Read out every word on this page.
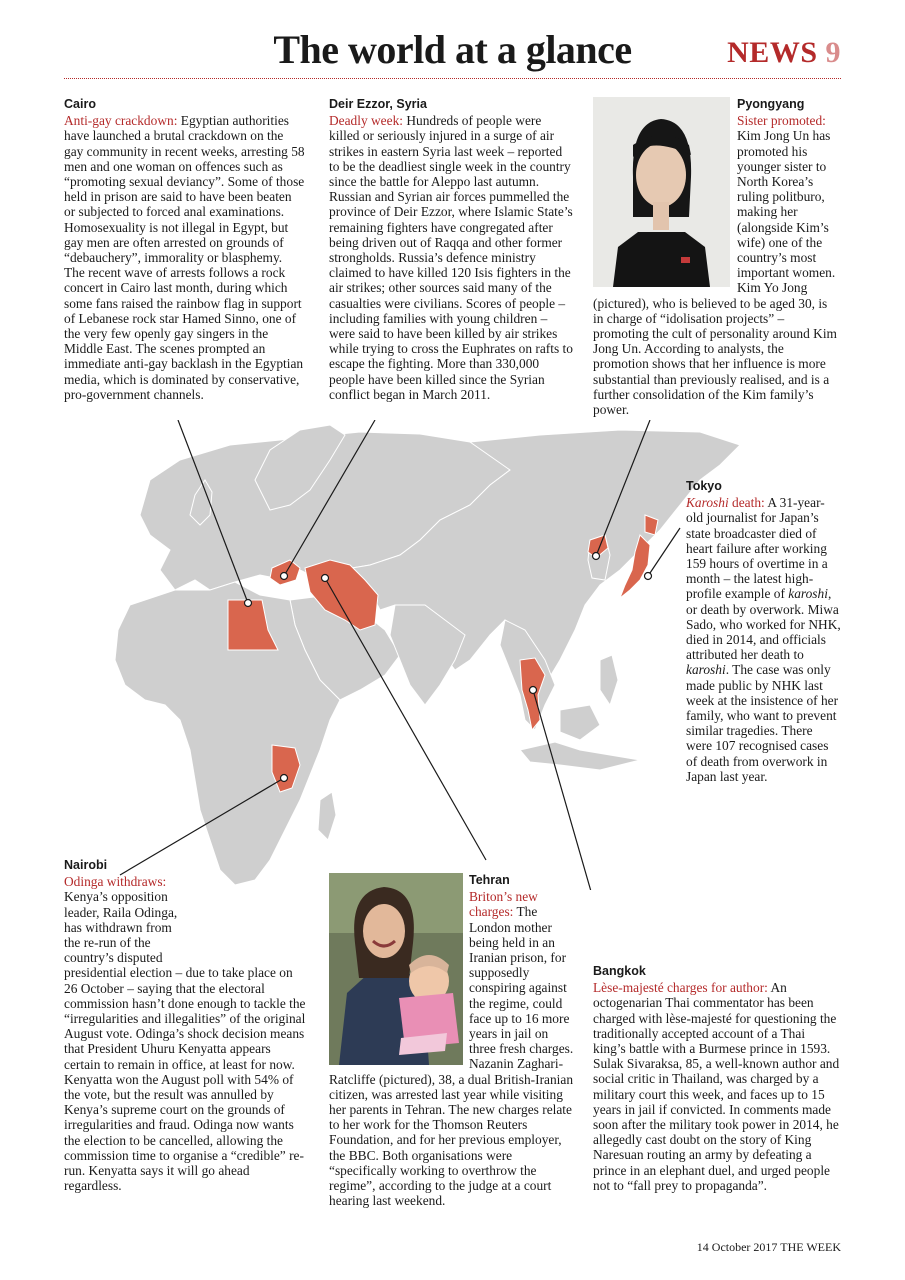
The world at a glance	NEWS 9
Cairo

Anti-gay crackdown: Egyptian authorities have launched a brutal crackdown on the gay community in recent weeks, arresting 58 men and one woman on offences such as “promoting sexual deviancy”. Some of those held in prison are said to have been beaten or subjected to forced anal examinations. Homosexuality is not illegal in Egypt, but gay men are often arrested on grounds of “debauchery”, immorality or blasphemy. The recent wave of arrests follows a rock concert in Cairo last month, during which some fans raised the rainbow flag in support of Lebanese rock star Hamed Sinno, one of the very few openly gay singers in the Middle East. The scenes prompted an immediate anti-gay backlash in the Egyptian media, which is dominated by conservative, pro-government channels.

Deir Ezzor, Syria

Deadly week: Hundreds of people were killed or seriously injured in a surge of air strikes in eastern Syria last week – reported to be the deadliest single week in the country since the battle for Aleppo last autumn. Russian and Syrian air forces pummelled the province of Deir Ezzor, where Islamic State’s remaining fighters have congregated after being driven out of Raqqa and other former strongholds. Russia’s defence ministry claimed to have killed 120 Isis fighters in the air strikes; other sources said many of the casualties were civilians. Scores of people – including families with young children – were said to have been killed by air strikes while trying to cross the Euphrates on rafts to escape the fighting. More than 330,000 people have been killed since the Syrian conflict began in March 2011.

Pyongyang

Sister promoted: Kim Jong Un has promoted his younger sister to North Korea’s ruling politburo, making her (alongside Kim’s wife) one of the country’s most important women. Kim Yo Jong (pictured), who is believed to be aged 30, is in charge of “idolisation projects” – promoting the cult of personality around Kim Jong Un. According to analysts, the promotion shows that her influence is more substantial than previously realised, and is a further consolidation of the Kim family’s power.

Tokyo

Karoshi death: A 31-year-old journalist for Japan’s state broadcaster died of heart failure after working 159 hours of overtime in a month – the latest high-profile example of karoshi, or death by overwork. Miwa Sado, who worked for NHK, died in 2014, and officials attributed her death to karoshi. The case was only made public by NHK last week at the insistence of her family, who want to prevent similar tragedies. There were 107 recognised cases of death from overwork in Japan last year.

Nairobi

Odinga withdraws: Kenya’s opposition leader, Raila Odinga, has withdrawn from the re-run of the country’s disputed presidential election – due to take place on 26 October – saying that the electoral commission hasn’t done enough to tackle the “irregularities and illegalities” of the original August vote. Odinga’s shock decision means that President Uhuru Kenyatta appears certain to remain in office, at least for now. Kenyatta won the August poll with 54% of the vote, but the result was annulled by Kenya’s supreme court on the grounds of irregularities and fraud. Odinga now wants the election to be cancelled, allowing the commission time to organise a “credible” re-run. Kenyatta says it will go ahead regardless.

Tehran

Briton’s new charges: The London mother being held in an Iranian prison, for supposedly conspiring against the regime, could face up to 16 more years in jail on three fresh charges. Nazanin Zaghari-Ratcliffe (pictured), 38, a dual British-Iranian citizen, was arrested last year while visiting her parents in Tehran. The new charges relate to her work for the Thomson Reuters Foundation, and for her previous employer, the BBC. Both organisations were “specifically working to overthrow the regime”, according to the judge at a court hearing last weekend.

Bangkok

Lèse-majesté charges for author: An octogenarian Thai commentator has been charged with lèse-majesté for questioning the traditionally accepted account of a Thai king’s battle with a Burmese prince in 1593. Sulak Sivaraksa, 85, a well-known author and social critic in Thailand, was charged by a military court this week, and faces up to 15 years in jail if convicted. In comments made soon after the military took power in 2014, he allegedly cast doubt on the story of King Naresuan routing an army by defeating a prince in an elephant duel, and urged people not to “fall prey to propaganda”.

14 October 2017 THE WEEK
